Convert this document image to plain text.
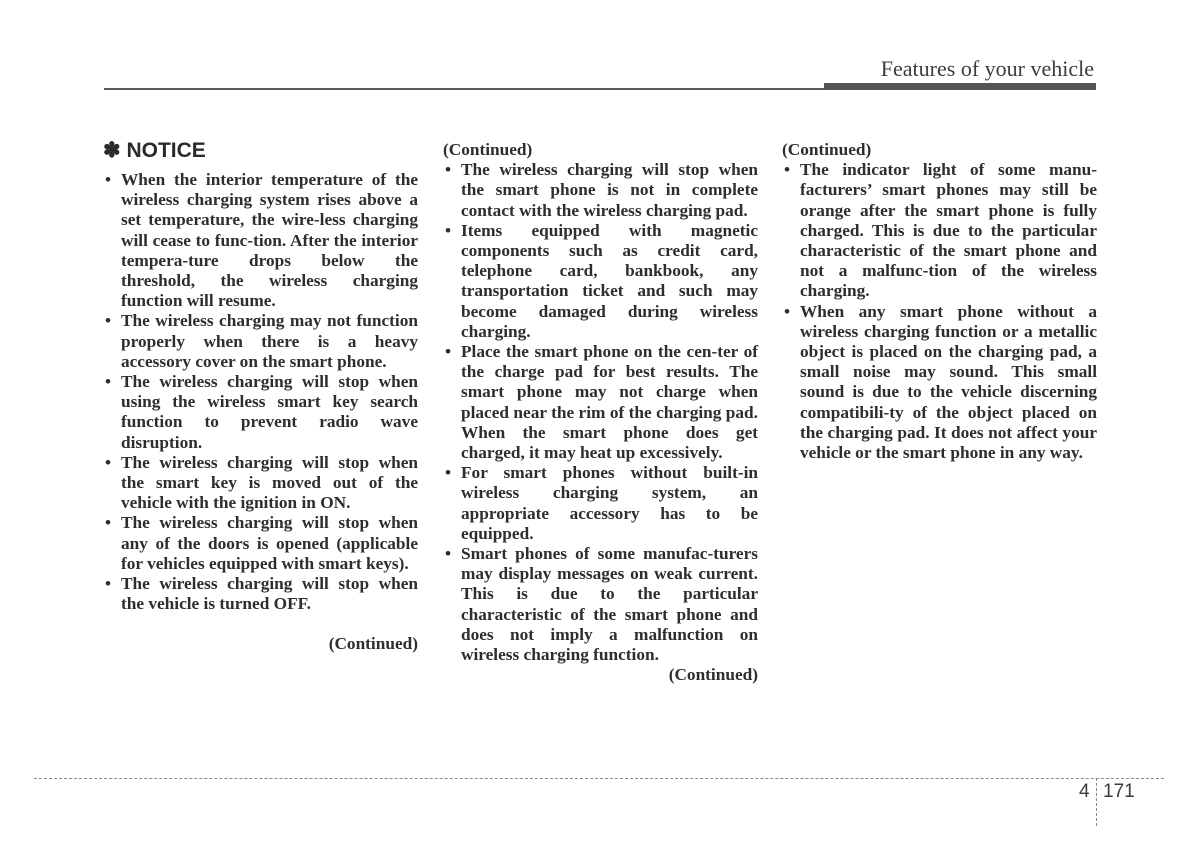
Features of your vehicle
✽ NOTICE
• When the interior temperature of the wireless charging system rises above a set temperature, the wire-less charging will cease to func-tion. After the interior tempera-ture drops below the threshold, the wireless charging function will resume.
• The wireless charging may not function properly when there is a heavy accessory cover on the smart phone.
• The wireless charging will stop when using the wireless smart key search function to prevent radio wave disruption.
• The wireless charging will stop when the smart key is moved out of the vehicle with the ignition in ON.
• The wireless charging will stop when any of the doors is opened (applicable for vehicles equipped with smart keys).
• The wireless charging will stop when the vehicle is turned OFF.
(Continued)
(Continued)
• The wireless charging will stop when the smart phone is not in complete contact with the wireless charging pad.
• Items equipped with magnetic components such as credit card, telephone card, bankbook, any transportation ticket and such may become damaged during wireless charging.
• Place the smart phone on the cen-ter of the charge pad for best results. The smart phone may not charge when placed near the rim of the charging pad. When the smart phone does get charged, it may heat up excessively.
• For smart phones without built-in wireless charging system, an appropriate accessory has to be equipped.
• Smart phones of some manufac-turers may display messages on weak current. This is due to the particular characteristic of the smart phone and does not imply a malfunction on wireless charging function.
(Continued)
(Continued)
• The indicator light of some manu-facturers’ smart phones may still be orange after the smart phone is fully charged. This is due to the particular characteristic of the smart phone and not a malfunc-tion of the wireless charging.
• When any smart phone without a wireless charging function or a metallic object is placed on the charging pad, a small noise may sound. This small sound is due to the vehicle discerning compatibili-ty of the object placed on the charging pad. It does not affect your vehicle or the smart phone in any way.
4 171
